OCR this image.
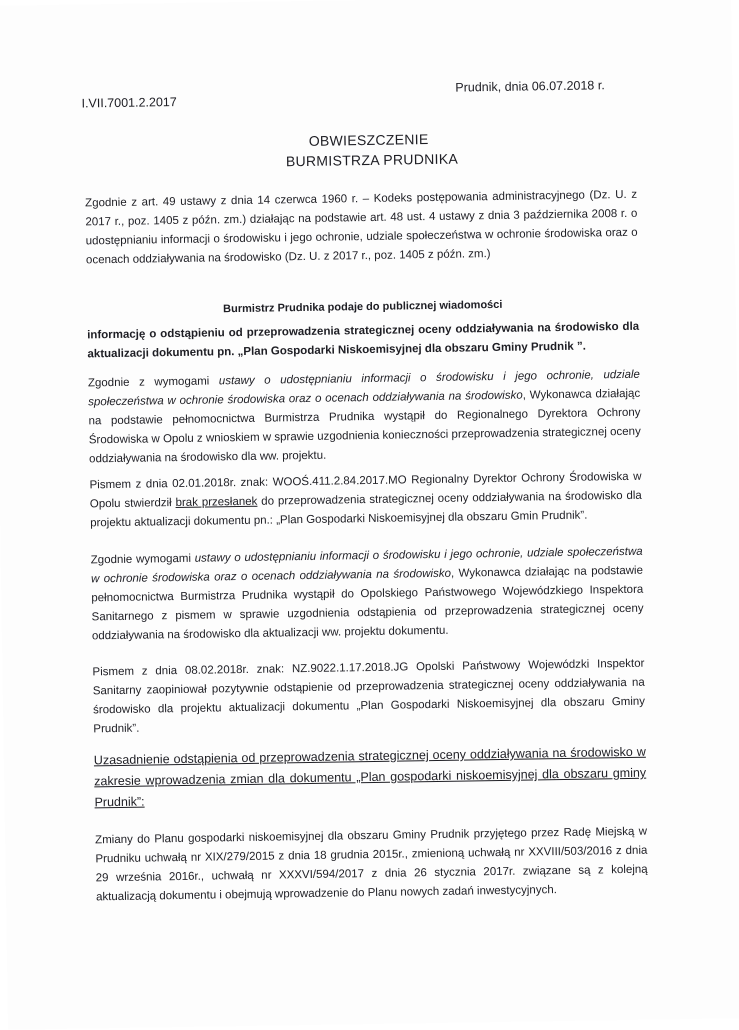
I.VII.7001.2.2017
Prudnik, dnia 06.07.2018 r.
OBWIESZCZENIE
BURMISTRZA PRUDNIKA
Zgodnie z art. 49 ustawy z dnia 14 czerwca 1960 r. – Kodeks postępowania administracyjnego (Dz. U. z 2017 r., poz. 1405 z późn. zm.) działając na podstawie art. 48 ust. 4 ustawy z dnia 3 października 2008 r. o udostępnianiu informacji o środowisku i jego ochronie, udziale społeczeństwa w ochronie środowiska oraz o ocenach oddziaływania na środowisko (Dz. U. z 2017 r., poz. 1405 z późn. zm.)
Burmistrz Prudnika podaje do publicznej wiadomości
informację o odstąpieniu od przeprowadzenia strategicznej oceny oddziaływania na środowisko dla aktualizacji dokumentu pn. „Plan Gospodarki Niskoemisyjnej dla obszaru Gminy Prudnik ”.
Zgodnie z wymogami ustawy o udostępnianiu informacji o środowisku i jego ochronie, udziale społeczeństwa w ochronie środowiska oraz o ocenach oddziaływania na środowisko, Wykonawca działając na podstawie pełnomocnictwa Burmistrza Prudnika wystąpił do Regionalnego Dyrektora Ochrony Środowiska w Opolu z wnioskiem w sprawie uzgodnienia konieczności przeprowadzenia strategicznej oceny oddziaływania na środowisko dla ww. projektu.
Pismem z dnia 02.01.2018r. znak: WOOŚ.411.2.84.2017.MO Regionalny Dyrektor Ochrony Środowiska w Opolu stwierdził brak przesłanek do przeprowadzenia strategicznej oceny oddziaływania na środowisko dla projektu aktualizacji dokumentu pn.: „Plan Gospodarki Niskoemisyjnej dla obszaru Gmin Prudnik”.
Zgodnie wymogami ustawy o udostępnianiu informacji o środowisku i jego ochronie, udziale społeczeństwa w ochronie środowiska oraz o ocenach oddziaływania na środowisko, Wykonawca działając na podstawie pełnomocnictwa Burmistrza Prudnika wystąpił do Opolskiego Państwowego Wojewódzkiego Inspektora Sanitarnego z pismem w sprawie uzgodnienia odstąpienia od przeprowadzenia strategicznej oceny oddziaływania na środowisko dla aktualizacji ww. projektu dokumentu.
Pismem z dnia 08.02.2018r. znak: NZ.9022.1.17.2018.JG Opolski Państwowy Wojewódzki Inspektor Sanitarny zaopiniował pozytywnie odstąpienie od przeprowadzenia strategicznej oceny oddziaływania na środowisko dla projektu aktualizacji dokumentu „Plan Gospodarki Niskoemisyjnej dla obszaru Gminy Prudnik”.
Uzasadnienie odstąpienia od przeprowadzenia strategicznej oceny oddziaływania na środowisko w zakresie wprowadzenia zmian dla dokumentu „Plan gospodarki niskoemisyjnej dla obszaru gminy Prudnik”:
Zmiany do Planu gospodarki niskoemisyjnej dla obszaru Gminy Prudnik przyjętego przez Radę Miejską w Prudniku uchwałą nr XIX/279/2015 z dnia 18 grudnia 2015r., zmienioną uchwałą nr XXVIII/503/2016 z dnia 29 września 2016r., uchwałą nr XXXVI/594/2017 z dnia 26 stycznia 2017r. związane są z kolejną aktualizacją dokumentu i obejmują wprowadzenie do Planu nowych zadań inwestycyjnych.
